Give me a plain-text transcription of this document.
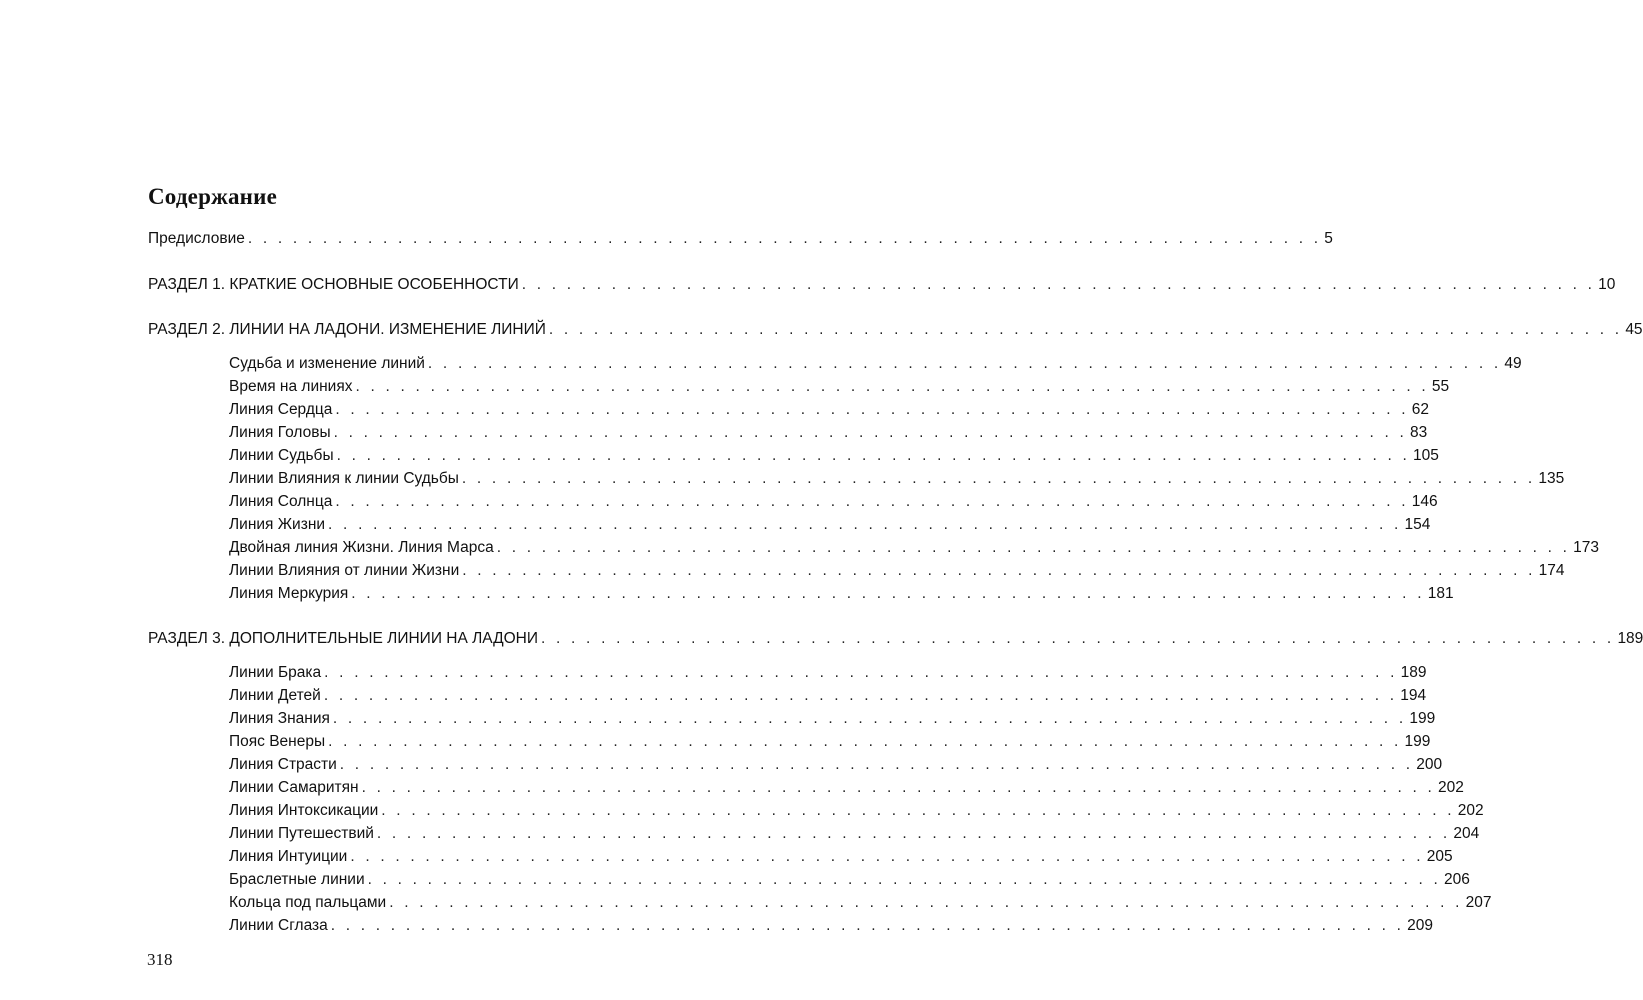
Содержание
Предисловие . . . . . . . . . . . . . . . . . . . . . . . . . . . . . . . . . . . . . . . . . . . . . . . . . . . . . . . . . . . . . . . . . . . . . . . . 5
РАЗДЕЛ 1. КРАТКИЕ ОСНОВНЫЕ ОСОБЕННОСТИ . . . . . . . . . . . . . . . . . . . . . . . . . . . . . . . . . . . . . . . . . . . . . . . . . . . . . . . . . . . . . . . . . . . . . . . . 10
РАЗДЕЛ 2. ЛИНИИ НА ЛАДОНИ. ИЗМЕНЕНИЕ ЛИНИЙ . . . . . . . . . . . . . . . . . . . . . . . . . . . . . . . . . . . . . . . . . . . . . . . . . . . . . . . . . . . . . . . . . . . . . . . . 45
Судьба и изменение линий . . . . . . . . . . . . . . . . . . . . . . . . . . . . . . . . . . . . . . . . . . . . . . . . . . . . . . . . . . . . . . . . . . . . . . . . 49
Время на линиях . . . . . . . . . . . . . . . . . . . . . . . . . . . . . . . . . . . . . . . . . . . . . . . . . . . . . . . . . . . . . . . . . . . . . . . . 55
Линия Сердца . . . . . . . . . . . . . . . . . . . . . . . . . . . . . . . . . . . . . . . . . . . . . . . . . . . . . . . . . . . . . . . . . . . . . . . . 62
Линия Головы . . . . . . . . . . . . . . . . . . . . . . . . . . . . . . . . . . . . . . . . . . . . . . . . . . . . . . . . . . . . . . . . . . . . . . . . 83
Линии Судьбы . . . . . . . . . . . . . . . . . . . . . . . . . . . . . . . . . . . . . . . . . . . . . . . . . . . . . . . . . . . . . . . . . . . . . . . . 105
Линии Влияния к линии Судьбы . . . . . . . . . . . . . . . . . . . . . . . . . . . . . . . . . . . . . . . . . . . . . . . . . . . . . . . . . . . . . . . . . . . . . . . . 135
Линия Солнца . . . . . . . . . . . . . . . . . . . . . . . . . . . . . . . . . . . . . . . . . . . . . . . . . . . . . . . . . . . . . . . . . . . . . . . . 146
Линия Жизни . . . . . . . . . . . . . . . . . . . . . . . . . . . . . . . . . . . . . . . . . . . . . . . . . . . . . . . . . . . . . . . . . . . . . . . . 154
Двойная линия Жизни. Линия Марса . . . . . . . . . . . . . . . . . . . . . . . . . . . . . . . . . . . . . . . . . . . . . . . . . . . . . . . . . . . . . . . . . . . . . . . . 173
Линии Влияния от линии Жизни . . . . . . . . . . . . . . . . . . . . . . . . . . . . . . . . . . . . . . . . . . . . . . . . . . . . . . . . . . . . . . . . . . . . . . . . 174
Линия Меркурия . . . . . . . . . . . . . . . . . . . . . . . . . . . . . . . . . . . . . . . . . . . . . . . . . . . . . . . . . . . . . . . . . . . . . . . . 181
РАЗДЕЛ 3. ДОПОЛНИТЕЛЬНЫЕ ЛИНИИ НА ЛАДОНИ . . . . . . . . . . . . . . . . . . . . . . . . . . . . . . . . . . . . . . . . . . . . . . . . . . . . . . . . . . . . . . . . . . . . . . . . 189
Линии Брака . . . . . . . . . . . . . . . . . . . . . . . . . . . . . . . . . . . . . . . . . . . . . . . . . . . . . . . . . . . . . . . . . . . . . . . . 189
Линии Детей . . . . . . . . . . . . . . . . . . . . . . . . . . . . . . . . . . . . . . . . . . . . . . . . . . . . . . . . . . . . . . . . . . . . . . . . 194
Линия Знания . . . . . . . . . . . . . . . . . . . . . . . . . . . . . . . . . . . . . . . . . . . . . . . . . . . . . . . . . . . . . . . . . . . . . . . . 199
Пояс Венеры . . . . . . . . . . . . . . . . . . . . . . . . . . . . . . . . . . . . . . . . . . . . . . . . . . . . . . . . . . . . . . . . . . . . . . . . 199
Линия Страсти . . . . . . . . . . . . . . . . . . . . . . . . . . . . . . . . . . . . . . . . . . . . . . . . . . . . . . . . . . . . . . . . . . . . . . . . 200
Линии Самаритян . . . . . . . . . . . . . . . . . . . . . . . . . . . . . . . . . . . . . . . . . . . . . . . . . . . . . . . . . . . . . . . . . . . . . . . . 202
Линия Интоксикации . . . . . . . . . . . . . . . . . . . . . . . . . . . . . . . . . . . . . . . . . . . . . . . . . . . . . . . . . . . . . . . . . . . . . . . . 202
Линии Путешествий . . . . . . . . . . . . . . . . . . . . . . . . . . . . . . . . . . . . . . . . . . . . . . . . . . . . . . . . . . . . . . . . . . . . . . . . 204
Линия Интуиции . . . . . . . . . . . . . . . . . . . . . . . . . . . . . . . . . . . . . . . . . . . . . . . . . . . . . . . . . . . . . . . . . . . . . . . . 205
Браслетные линии . . . . . . . . . . . . . . . . . . . . . . . . . . . . . . . . . . . . . . . . . . . . . . . . . . . . . . . . . . . . . . . . . . . . . . . . 206
Кольца под пальцами . . . . . . . . . . . . . . . . . . . . . . . . . . . . . . . . . . . . . . . . . . . . . . . . . . . . . . . . . . . . . . . . . . . . . . . . 207
Линии Сглаза . . . . . . . . . . . . . . . . . . . . . . . . . . . . . . . . . . . . . . . . . . . . . . . . . . . . . . . . . . . . . . . . . . . . . . . . 209
318
